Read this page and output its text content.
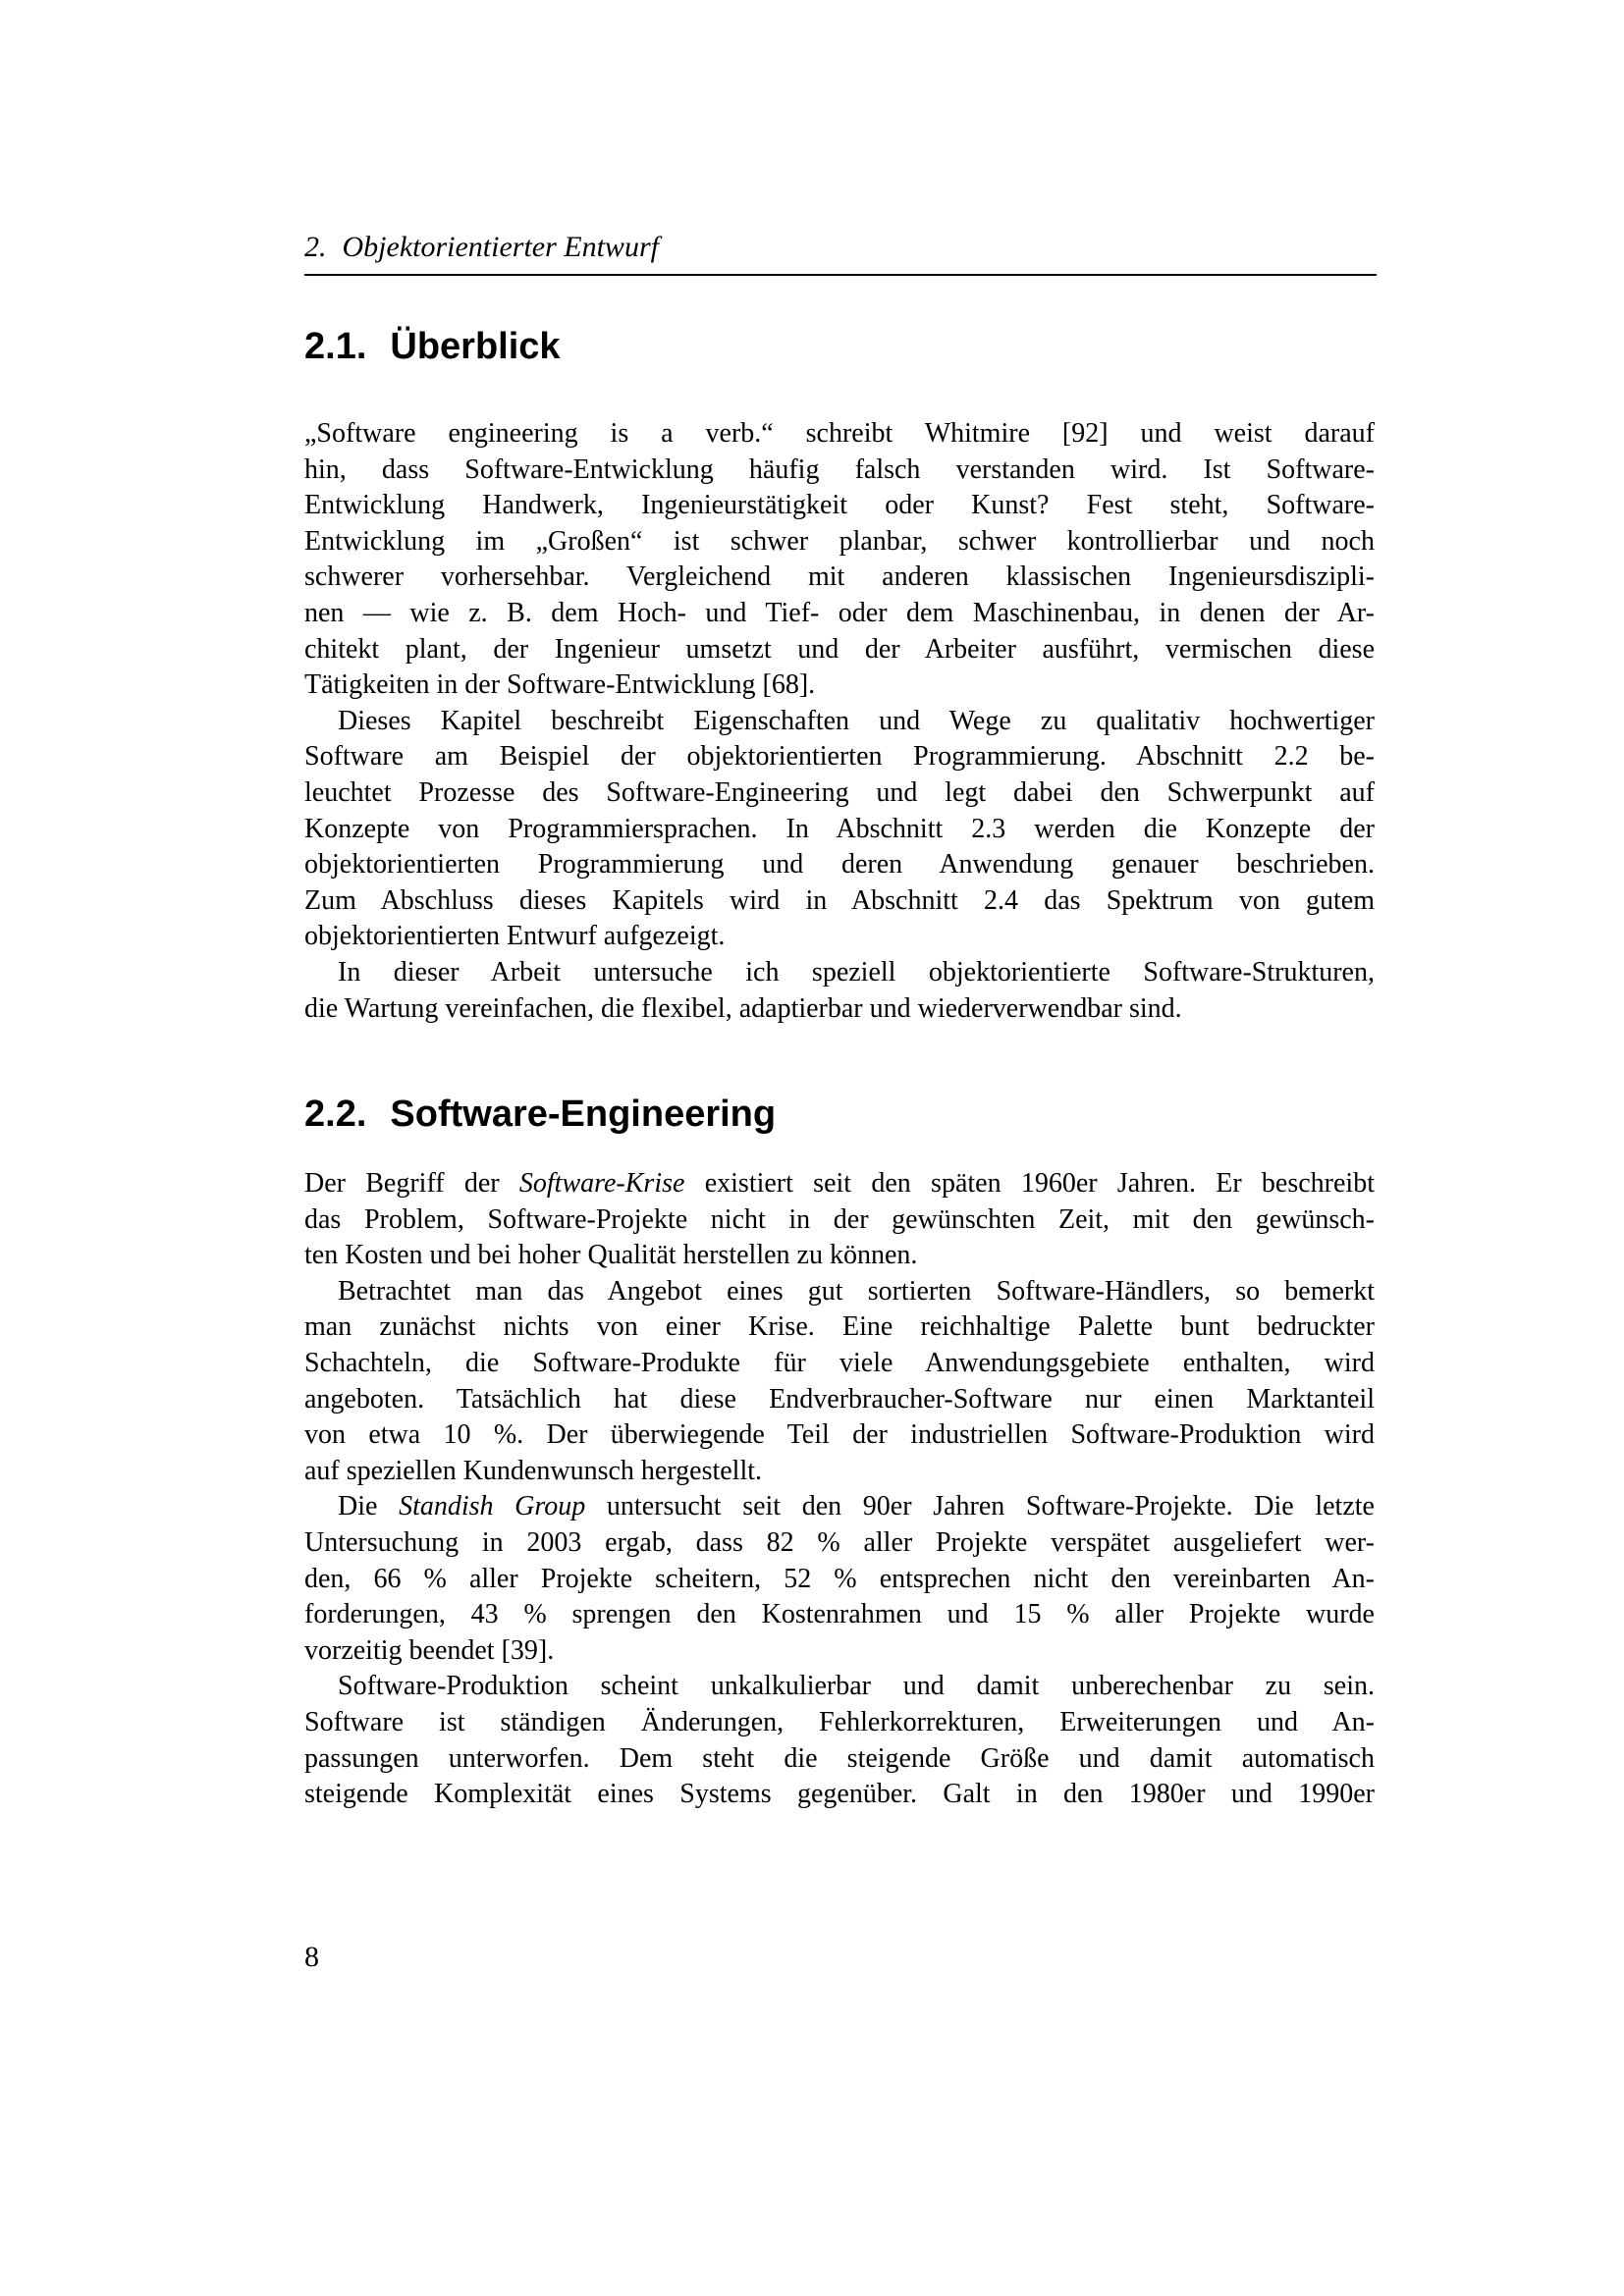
2. Objektorientierter Entwurf
2.1. Überblick
„Software engineering is a verb.“ schreibt Whitmire [92] und weist darauf
hin, dass Software-Entwicklung häufig falsch verstanden wird. Ist Software-
Entwicklung Handwerk, Ingenieurstätigkeit oder Kunst? Fest steht, Software-
Entwicklung im „Großen“ ist schwer planbar, schwer kontrollierbar und noch
schwerer vorhersehbar. Vergleichend mit anderen klassischen Ingenieursdiszipli-
nen — wie z. B. dem Hoch- und Tief- oder dem Maschinenbau, in denen der Ar-
chitekt plant, der Ingenieur umsetzt und der Arbeiter ausführt, vermischen diese
Tätigkeiten in der Software-Entwicklung [68].
Dieses Kapitel beschreibt Eigenschaften und Wege zu qualitativ hochwertiger
Software am Beispiel der objektorientierten Programmierung. Abschnitt 2.2 be-
leuchtet Prozesse des Software-Engineering und legt dabei den Schwerpunkt auf
Konzepte von Programmiersprachen. In Abschnitt 2.3 werden die Konzepte der
objektorientierten Programmierung und deren Anwendung genauer beschrieben.
Zum Abschluss dieses Kapitels wird in Abschnitt 2.4 das Spektrum von gutem
objektorientierten Entwurf aufgezeigt.
In dieser Arbeit untersuche ich speziell objektorientierte Software-Strukturen,
die Wartung vereinfachen, die flexibel, adaptierbar und wiederverwendbar sind.
2.2. Software-Engineering
Der Begriff der Software-Krise existiert seit den späten 1960er Jahren. Er beschreibt
das Problem, Software-Projekte nicht in der gewünschten Zeit, mit den gewünsch-
ten Kosten und bei hoher Qualität herstellen zu können.
Betrachtet man das Angebot eines gut sortierten Software-Händlers, so bemerkt
man zunächst nichts von einer Krise. Eine reichhaltige Palette bunt bedruckter
Schachteln, die Software-Produkte für viele Anwendungsgebiete enthalten, wird
angeboten. Tatsächlich hat diese Endverbraucher-Software nur einen Marktanteil
von etwa 10 %. Der überwiegende Teil der industriellen Software-Produktion wird
auf speziellen Kundenwunsch hergestellt.
Die Standish Group untersucht seit den 90er Jahren Software-Projekte. Die letzte
Untersuchung in 2003 ergab, dass 82 % aller Projekte verspätet ausgeliefert wer-
den, 66 % aller Projekte scheitern, 52 % entsprechen nicht den vereinbarten An-
forderungen, 43 % sprengen den Kostenrahmen und 15 % aller Projekte wurde
vorzeitig beendet [39].
Software-Produktion scheint unkalkulierbar und damit unberechenbar zu sein.
Software ist ständigen Änderungen, Fehlerkorrekturen, Erweiterungen und An-
passungen unterworfen. Dem steht die steigende Größe und damit automatisch
steigende Komplexität eines Systems gegenüber. Galt in den 1980er und 1990er
8
